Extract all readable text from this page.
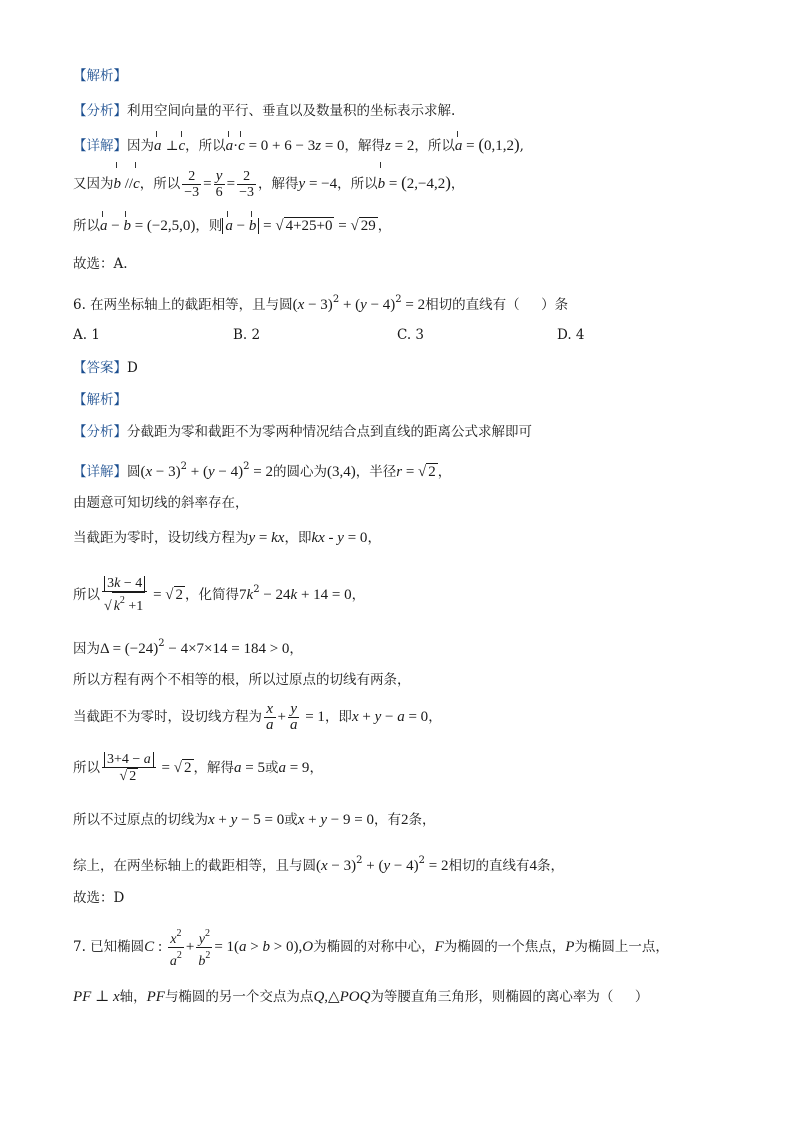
【解析】
【分析】利用空间向量的平行、垂直以及数量积的坐标表示求解.
【详解】因为a ⊥c，所以a·c = 0 + 6 − 3z = 0，解得z = 2，所以a = (0,1,2),
又因为b //c，所以 $\frac{2}{-3} = \frac{y}{6} = \frac{2}{-3}$ ，解得y = −4，所以b = (2,−4,2)，
所以a − b = (−2,5,0)，则 a − b = √ 4+25+0 = √ 29 ，
故选：A.
6. 在两坐标轴上的截距相等，且与圆$(x - 3)^2 + (y - 4)^2 = 2$相切的直线有（     ）条
A. 1	B. 2	C. 3	D. 4
【答案】D
【解析】
【分析】分截距为零和截距不为零两种情况结合点到直线的距离公式求解即可
【详解】圆$(x - 3)^2 + (y - 4)^2 = 2$的圆心为(3,4)，半径r = √ 2 ，
由题意可知切线的斜率存在，
当截距为零时，设切线方程为y = kx，即kx - y = 0，
所以 $\frac{3k - 4}{√ k^2 +1}$ = √ 2 ，化简得$7k^2 - 24k + 14 = 0$，
因为$\Delta = (-24)^2 - 4\times 7\times 14 = 184 > 0$，
所以方程有两个不相等的根，所以过原点的切线有两条，
当截距不为零时，设切线方程为 $\frac{x}{a} + \frac{y}{a} = 1$，即x + y − a = 0，
所以 $\frac{3+4 - a}{√ 2}$ = √ 2 ，解得a = 5或a = 9，
所以不过原点的切线为x + y − 5 = 0或x + y − 9 = 0，有2条，
综上，在两坐标轴上的截距相等，且与圆$(x - 3)^2 + (y - 4)^2 = 2$相切的直线有4条，
故选：D
7. 已知椭圆C : $\frac{x^2}{a^2} + \frac{y^2}{b^2} = 1(a > b > 0),O$为椭圆的对称中心，F为椭圆的一个焦点，P为椭圆上一点，
PF ⊥ x轴，PF与椭圆的另一个交点为点Q,△POQ为等腰直角三角形，则椭圆的离心率为（     ）
